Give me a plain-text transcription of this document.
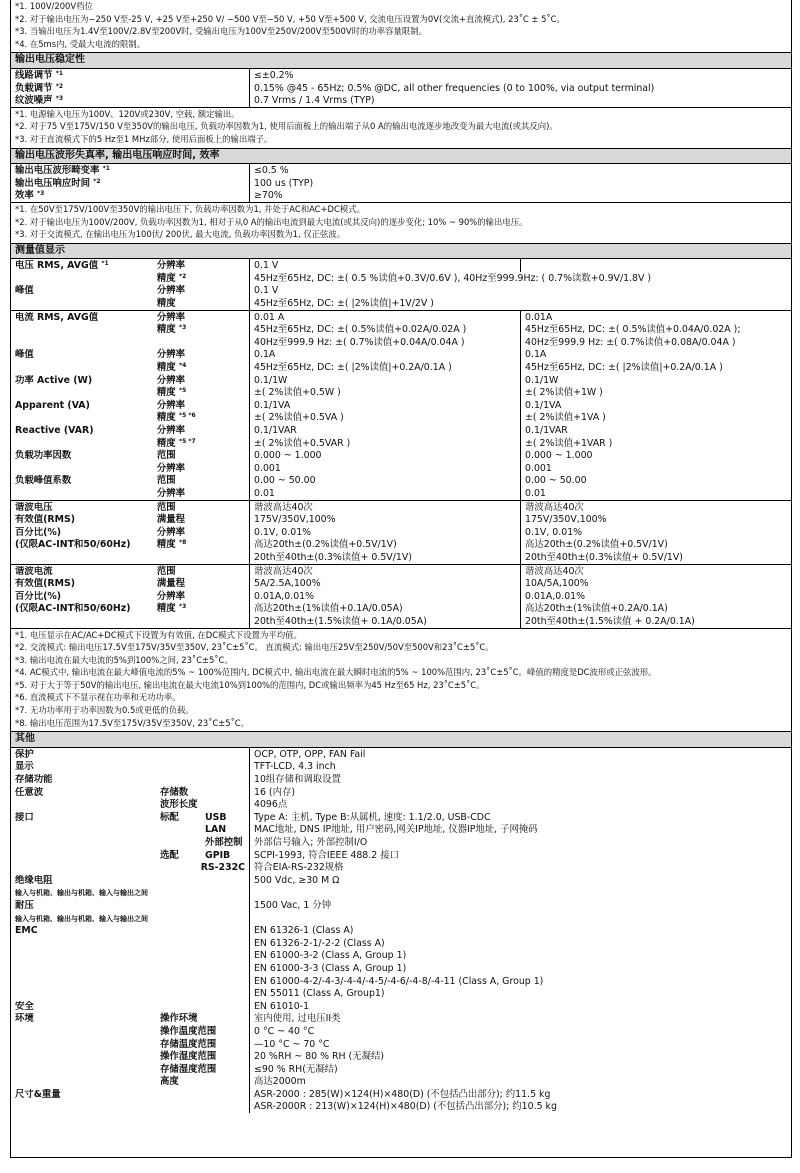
*1. 100V/200V档位
*2. 对于输出电压为−250 V至-25 V, +25 V至+250 V/ −500 V至−50 V, +50 V至+500 V, 交流电压设置为0V(交流+直流模式), 23˚C ± 5˚C。
*3. 当输出电压为1.4V至100V/2.8V至200V时, 受输出电压为100V至250V/200V至500V时的功率容量限制。
*4. 在5ms内, 受最大电流的限制。
输出电压稳定性
线路调节 $^{*1}$	≤±0.2%
负载调节 $^{*2}$	0.15% @45 - 65Hz; 0.5% @DC, all other frequencies (0 to 100%, via output terminal)
纹波噪声 $^{*3}$	0.7 Vrms / 1.4 Vrms (TYP)
*1. 电源输入电压为100V、120V或230V, 空载, 额定输出。
*2. 对于75 V至175V/150 V至350V的输出电压, 负载功率因数为1, 使用后面板上的输出端子从0 A的输出电流逐步地改变为最大电流(或其反向)。
*3. 对于直流模式下的5 Hz至1 MHz部分, 使用后面板上的输出端子。
输出电压波形失真率, 输出电压响应时间, 效率
输出电压波形畸变率 $^{*1}$	≤0.5 %
输出电压响应时间 $^{*2}$	100 us (TYP)
效率 $^{*3}$	≥70%
*1. 在50V至175V/100V至350V的输出电压下, 负载功率因数为1, 并处于AC和AC+DC模式。
*2. 对于输出电压为100V/200V, 负载功率因数为1, 相对于从0 A的输出电流到最大电流(或其反向)的逐步变化; 10% ~ 90%的输出电压。
*3. 对于交流模式, 在输出电压为100伏/ 200伏, 最大电流, 负载功率因数为1, 仅正弦波。
测量值显示
电压 RMS, AVG值 $^{*1}$	分辨率	0.1 V
精度 $^{*2}$	45Hz至65Hz, DC: ±( 0.5 %读值+0.3V/0.6V ), 40Hz至999.9Hz: ( 0.7%读数+0.9V/1.8V )
峰值	分辨率	0.1 V
精度	45Hz至65Hz, DC: ±( |2%读值|+1V/2V )
电流 RMS, AVG值	分辨率	0.01 A	0.01A
精度 $^{*3}$	45Hz至65Hz, DC: ±( 0.5%读值+0.02A/0.02A )	45Hz至65Hz, DC: ±( 0.5%读值+0.04A/0.02A );
40Hz至999.9 Hz: ±( 0.7%读值+0.04A/0.04A )	40Hz至999.9 Hz: ±( 0.7%读值+0.08A/0.04A )
峰值	分辨率	0.1A	0.1A
精度 $^{*4}$	45Hz至65Hz, DC: ±( |2%读值|+0.2A/0.1A )	45Hz至65Hz, DC: ±( |2%读值|+0.2A/0.1A )
功率 Active (W)	分辨率	0.1/1W	0.1/1W
精度 $^{*5}$	±( 2%读值+0.5W )	±( 2%读值+1W )
Apparent (VA)	分辨率	0.1/1VA	0.1/1VA
精度 $^{*5 *6}$	±( 2%读值+0.5VA )	±( 2%读值+1VA )
Reactive (VAR)	分辨率	0.1/1VAR	0.1/1VAR
精度 $^{*5 *7}$	±( 2%读值+0.5VAR )	±( 2%读值+1VAR )
负载功率因数	范围	0.000 ~ 1.000	0.000 ~ 1.000
分辨率	0.001	0.001
负载峰值系数	范围	0.00 ~ 50.00	0.00 ~ 50.00
分辨率	0.01	0.01
谐波电压	范围	谐波高达40次	谐波高达40次
有效值(RMS)	满量程	175V/350V,100%	175V/350V,100%
百分比(%)	分辨率	0.1V, 0.01%	0.1V, 0.01%
(仅限AC-INT和50/60Hz)	精度 $^{*8}$	高达20th±(0.2%读值+0.5V/1V)	高达20th±(0.2%读值+0.5V/1V)
20th至40th±(0.3%读值+ 0.5V/1V)	20th至40th±(0.3%读值+ 0.5V/1V)
谐波电流	范围	谐波高达40次	谐波高达40次
有效值(RMS)	满量程	5A/2.5A,100%	10A/5A,100%
百分比(%)	分辨率	0.01A,0.01%	0.01A,0.01%
(仅限AC-INT和50/60Hz)	精度 $^{*3}$	高达20th±(1%读值+0.1A/0.05A)	高达20th±(1%读值+0.2A/0.1A)
20th至40th±(1.5%读值+ 0.1A/0.05A)	20th至40th±(1.5%读值 + 0.2A/0.1A)
*1. 电压显示在AC/AC+DC模式下设置为有效值, 在DC模式下设置为平均值。
*2. 交流模式: 输出电压17.5V至175V/35V至350V, 23˚C±5˚C。 直流模式: 输出电压25V至250V/50V至500V和23˚C±5˚C。
*3. 输出电流在最大电流的5%到100%之间, 23˚C±5˚C。
*4. AC模式中, 输出电流在最大峰值电流的5% ~ 100%范围内, DC模式中, 输出电流在最大瞬时电流的5% ~ 100%范围内, 23˚C±5˚C。峰值的精度是DC波形或正弦波形。
*5. 对于大于等于50V的输出电压, 输出电流在最大电流10%到100%的范围内, DC或输出频率为45 Hz至65 Hz, 23˚C±5˚C。
*6. 直流模式下不显示视在功率和无功功率。
*7. 无功功率用于功率因数为0.5或更低的负载。
*8. 输出电压范围为17.5V至175V/35V至350V, 23˚C±5˚C。
其他
保护	OCP, OTP, OPP, FAN Fail
显示	TFT-LCD, 4.3 inch
存储功能	10组存储和调取设置
任意波	存储数	16 (内存)
波形长度	4096点
接口	标配	USB	Type A: 主机, Type B:从属机, 速度: 1.1/2.0, USB-CDC
LAN	MAC地址, DNS IP地址, 用户密码,网关IP地址, 仪器IP地址, 子网掩码
外部控制	外部信号输入; 外部控制I/O
选配	GPIB	SCPI-1993, 符合IEEE 488.2 接口
RS-232C 符合EIA-RS-232规格
绝缘电阻	500 Vdc, ≥30 M Ω
输入与机箱、输出与机箱、输入与输出之间
耐压	1500 Vac, 1 分钟
输入与机箱、输出与机箱、输入与输出之间
EMC	EN 61326-1 (Class A)
EN 61326-2-1/-2-2 (Class A)
EN 61000-3-2 (Class A, Group 1)
EN 61000-3-3 (Class A, Group 1)
EN 61000-4-2/-4-3/-4-4/-4-5/-4-6/-4-8/-4-11 (Class A, Group 1)
EN 55011 (Class A, Group1)
安全	EN 61010-1
环境	操作环境	室内使用, 过电压II类
操作温度范围	0 °C ~ 40 °C
存储温度范围	—10 °C ~ 70 °C
操作湿度范围	20 %RH ~ 80 % RH (无凝结)
存储湿度范围	≤90 % RH(无凝结)
高度	高达2000m
尺寸&重量	ASR-2000 : 285(W)×124(H)×480(D) (不包括凸出部分); 约11.5 kg
ASR-2000R : 213(W)×124(H)×480(D) (不包括凸出部分); 约10.5 kg
